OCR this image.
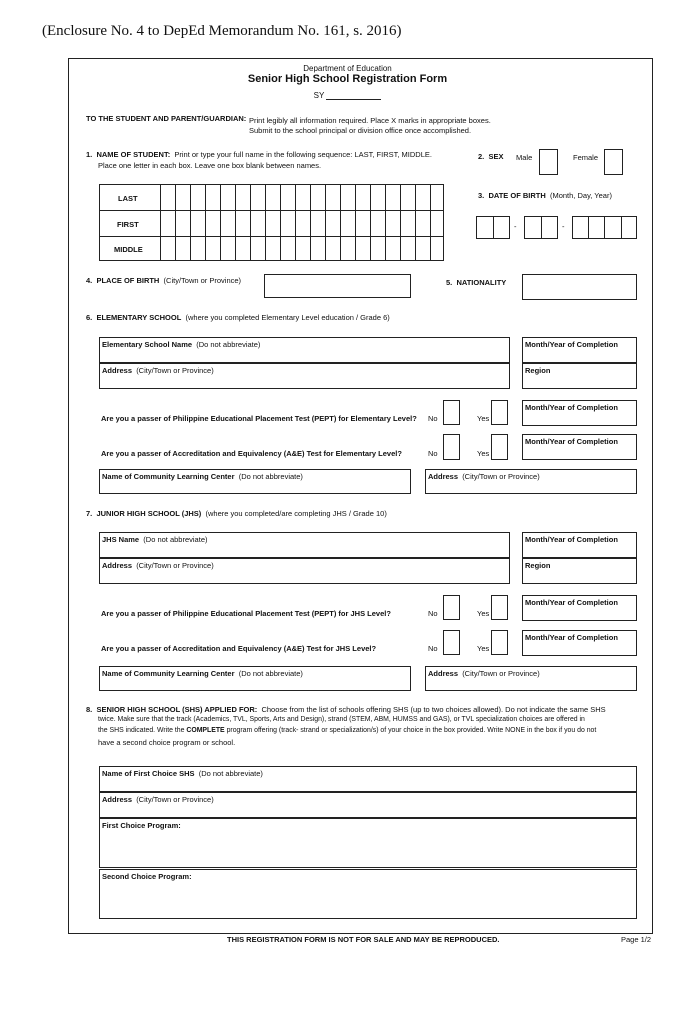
(Enclosure No. 4 to DepEd Memorandum No. 161, s. 2016)
Department of Education
Senior High School Registration Form
SY
TO THE STUDENT AND PARENT/GUARDIAN: Print legibly all information required. Place X marks in appropriate boxes.
Submit to the school principal or division office once accomplished.
1. NAME OF STUDENT: Print or type your full name in the following sequence: LAST, FIRST, MIDDLE.
Place one letter in each box. Leave one box blank between names.
LAST
FIRST
MIDDLE
2. SEX Male	Female
3. DATE OF BIRTH (Month, Day, Year)
-	-
4. PLACE OF BIRTH (City/Town or Province)	5. NATIONALITY
6. ELEMENTARY SCHOOL (where you completed Elementary Level education / Grade 6)
Elementary School Name (Do not abbreviate)
Address (City/Town or Province)
Month/Year of Completion
Region
Are you a passer of Philippine Educational Placement Test (PEPT) for Elementary Level? No	Yes
Month/Year of Completion
Are you a passer of Accreditation and Equivalency (A&E) Test for Elementary Level?	No	Yes
Month/Year of Completion
Name of Community Learning Center (Do not abbreviate)	Address (City/Town or Province)
7. JUNIOR HIGH SCHOOL (JHS) (where you completed/are completing JHS / Grade 10)
JHS Name (Do not abbreviate)
Address (City/Town or Province)
Month/Year of Completion
Region
Are you a passer of Philippine Educational Placement Test (PEPT) for JHS Level?	No	Yes
Month/Year of Completion
Are you a passer of Accreditation and Equivalency (A&E) Test for JHS Level?	No	Yes
Month/Year of Completion
Name of Community Learning Center (Do not abbreviate)	Address (City/Town or Province)
8. SENIOR HIGH SCHOOL (SHS) APPLIED FOR: Choose from the list of schools offering SHS (up to two choices allowed). Do not indicate the same SHS
twice. Make sure that the track (Academics, TVL, Sports, Arts and Design), strand (STEM, ABM, HUMSS and GAS), or TVL specialization choices are offered in
the SHS indicated. Write the COMPLETE program offering (track- strand or specialization/s) of your choice in the box provided. Write NONE in the box if you do not
have a second choice program or school.
Name of First Choice SHS (Do not abbreviate)
Address (City/Town or Province)
First Choice Program:
Second Choice Program:
THIS REGISTRATION FORM IS NOT FOR SALE AND MAY BE REPRODUCED.	Page 1/2
